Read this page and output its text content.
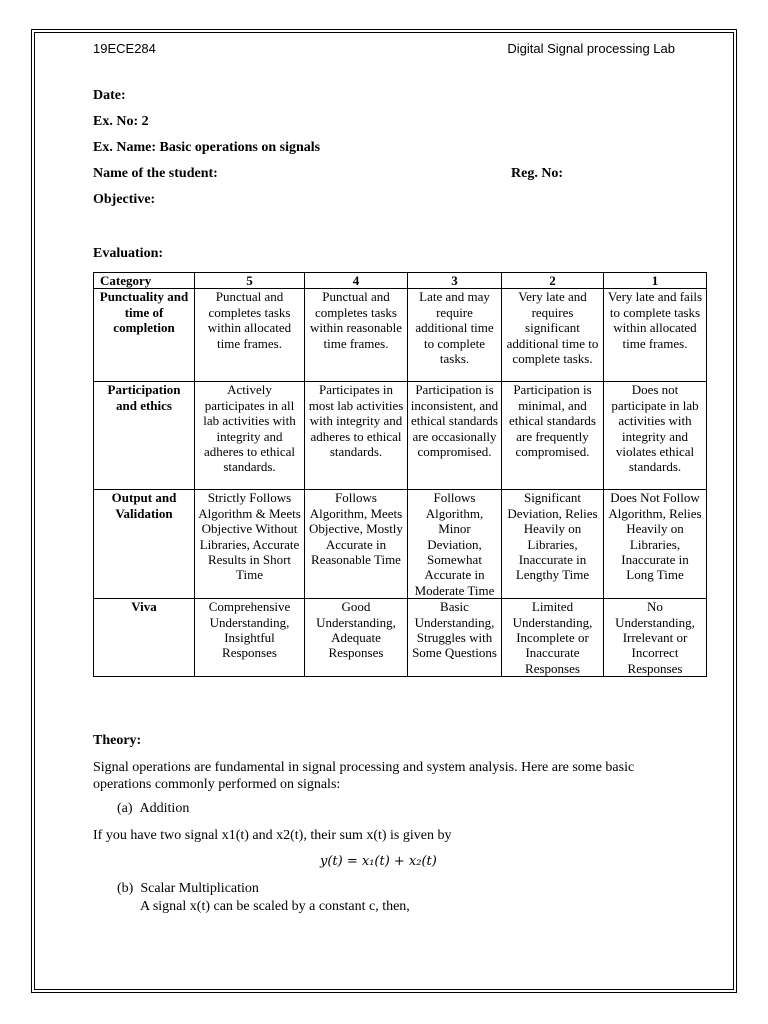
19ECE284	Digital Signal processing Lab
Date:
Ex. No: 2
Ex. Name: Basic operations on signals
Name of the student:	Reg. No:
Objective:
Evaluation:
Category	5	4	3	2	1
Punctuality and time of completion	Punctual and completes tasks within allocated time frames.	Punctual and completes tasks within reasonable time frames.	Late and may require additional time to complete tasks.	Very late and requires significant additional time to complete tasks.	Very late and fails to complete tasks within allocated time frames.
Participation and ethics	Actively participates in all lab activities with integrity and adheres to ethical standards.	Participates in most lab activities with integrity and adheres to ethical standards.	Participation is inconsistent, and ethical standards are occasionally compromised.	Participation is minimal, and ethical standards are frequently compromised.	Does not participate in lab activities with integrity and violates ethical standards.
Output and Validation	Strictly Follows Algorithm & Meets Objective Without Libraries, Accurate Results in Short Time	Follows Algorithm, Meets Objective, Mostly Accurate in Reasonable Time	Follows Algorithm, Minor Deviation, Somewhat Accurate in Moderate Time	Significant Deviation, Relies Heavily on Libraries, Inaccurate in Lengthy Time	Does Not Follow Algorithm, Relies Heavily on Libraries, Inaccurate in Long Time
Viva	Comprehensive Understanding, Insightful Responses	Good Understanding, Adequate Responses	Basic Understanding, Struggles with Some Questions	Limited Understanding, Incomplete or Inaccurate Responses	No Understanding, Irrelevant or Incorrect Responses
Theory:
Signal operations are fundamental in signal processing and system analysis. Here are some basic operations commonly performed on signals:
(a)  Addition
If you have two signal x1(t) and x2(t), their sum x(t) is given by
y(t) = x₁(t) + x₂(t)
(b)  Scalar Multiplication
A signal x(t) can be scaled by a constant c, then,
